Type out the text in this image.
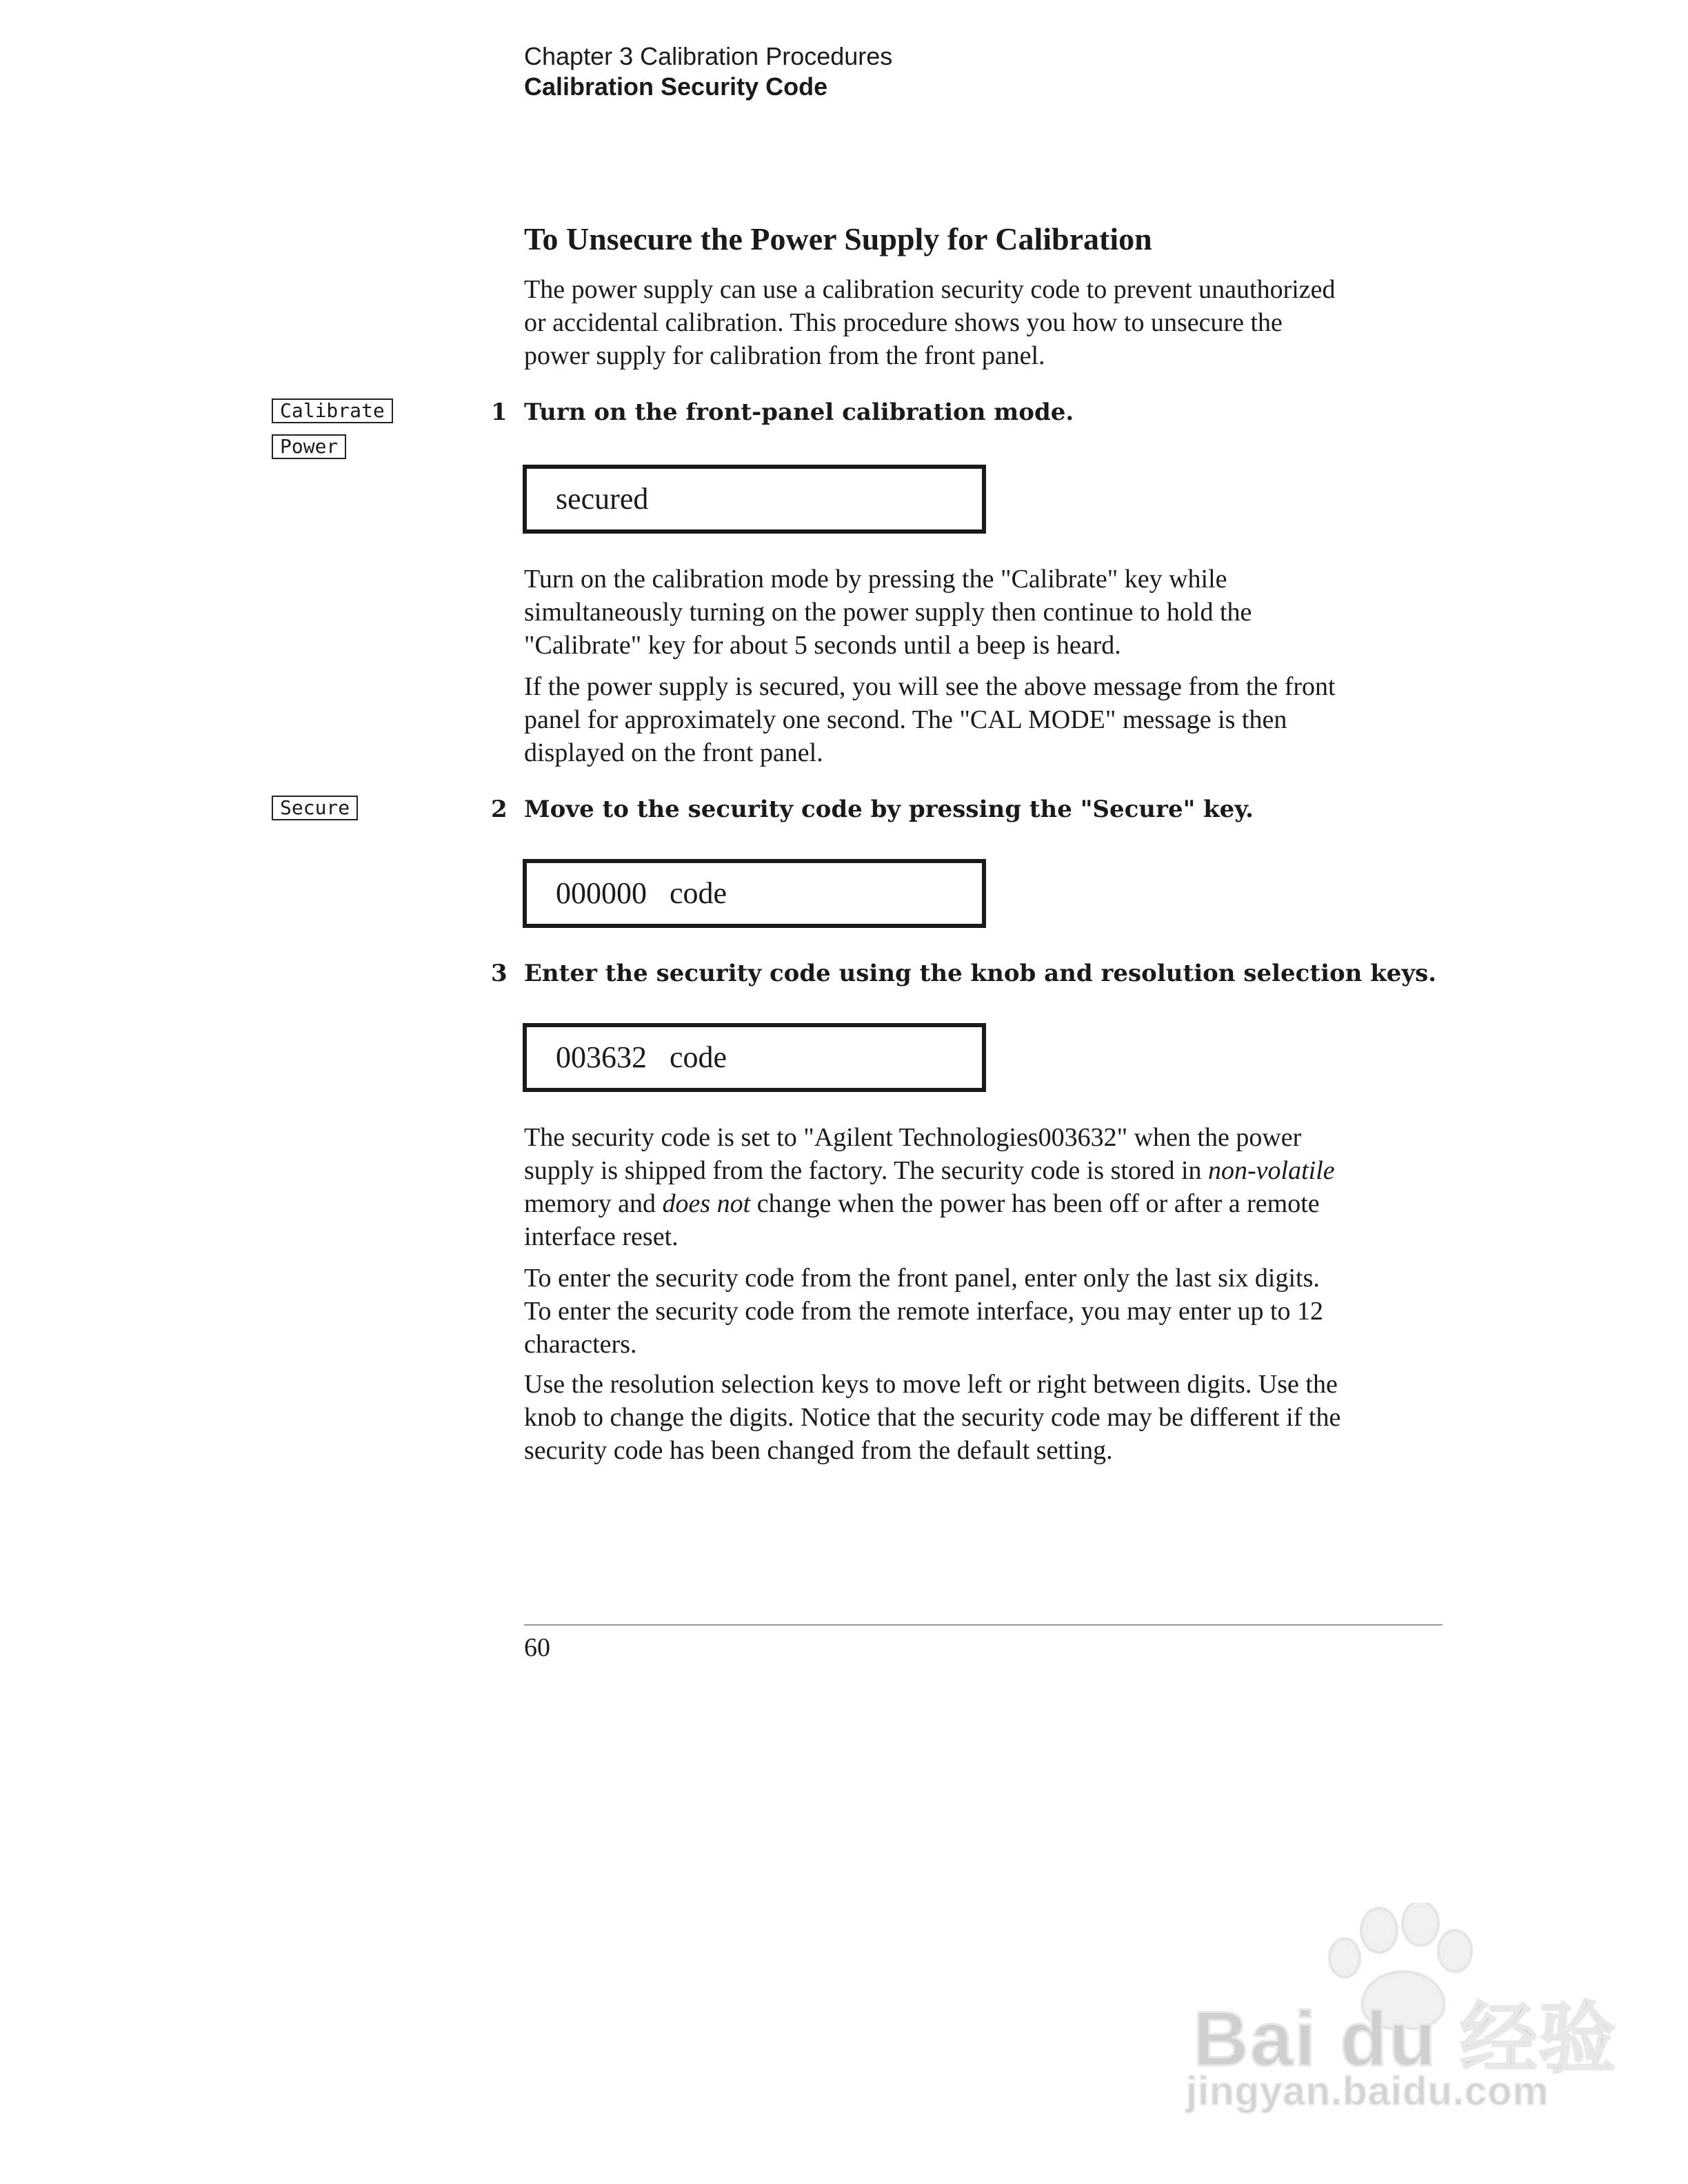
Chapter 3 Calibration Procedures
Calibration Security Code
To Unsecure the Power Supply for Calibration

The power supply can use a calibration security code to prevent unauthorized
or accidental calibration. This procedure shows you how to unsecure the
power supply for calibration from the front panel.

Calibrate
Power
1 Turn on the front-panel calibration mode.
secured

Turn on the calibration mode by pressing the "Calibrate" key while
simultaneously turning on the power supply then continue to hold the
"Calibrate" key for about 5 seconds until a beep is heard.

If the power supply is secured, you will see the above message from the front
panel for approximately one second. The "CAL MODE" message is then
displayed on the front panel.

Secure	2 Move to the security code by pressing the "Secure" key.
000000   code
3 Enter the security code using the knob and resolution selection keys.
003632   code

The security code is set to "Agilent Technologies003632" when the power
supply is shipped from the factory. The security code is stored in non-volatile
memory and does not change when the power has been off or after a remote
interface reset.

To enter the security code from the front panel, enter only the last six digits.
To enter the security code from the remote interface, you may enter up to 12
characters.

Use the resolution selection keys to move left or right between digits. Use the
knob to change the digits. Notice that the security code may be different if the
security code has been changed from the default setting.

60
Bai du 经验
jingyan.baidu.com
